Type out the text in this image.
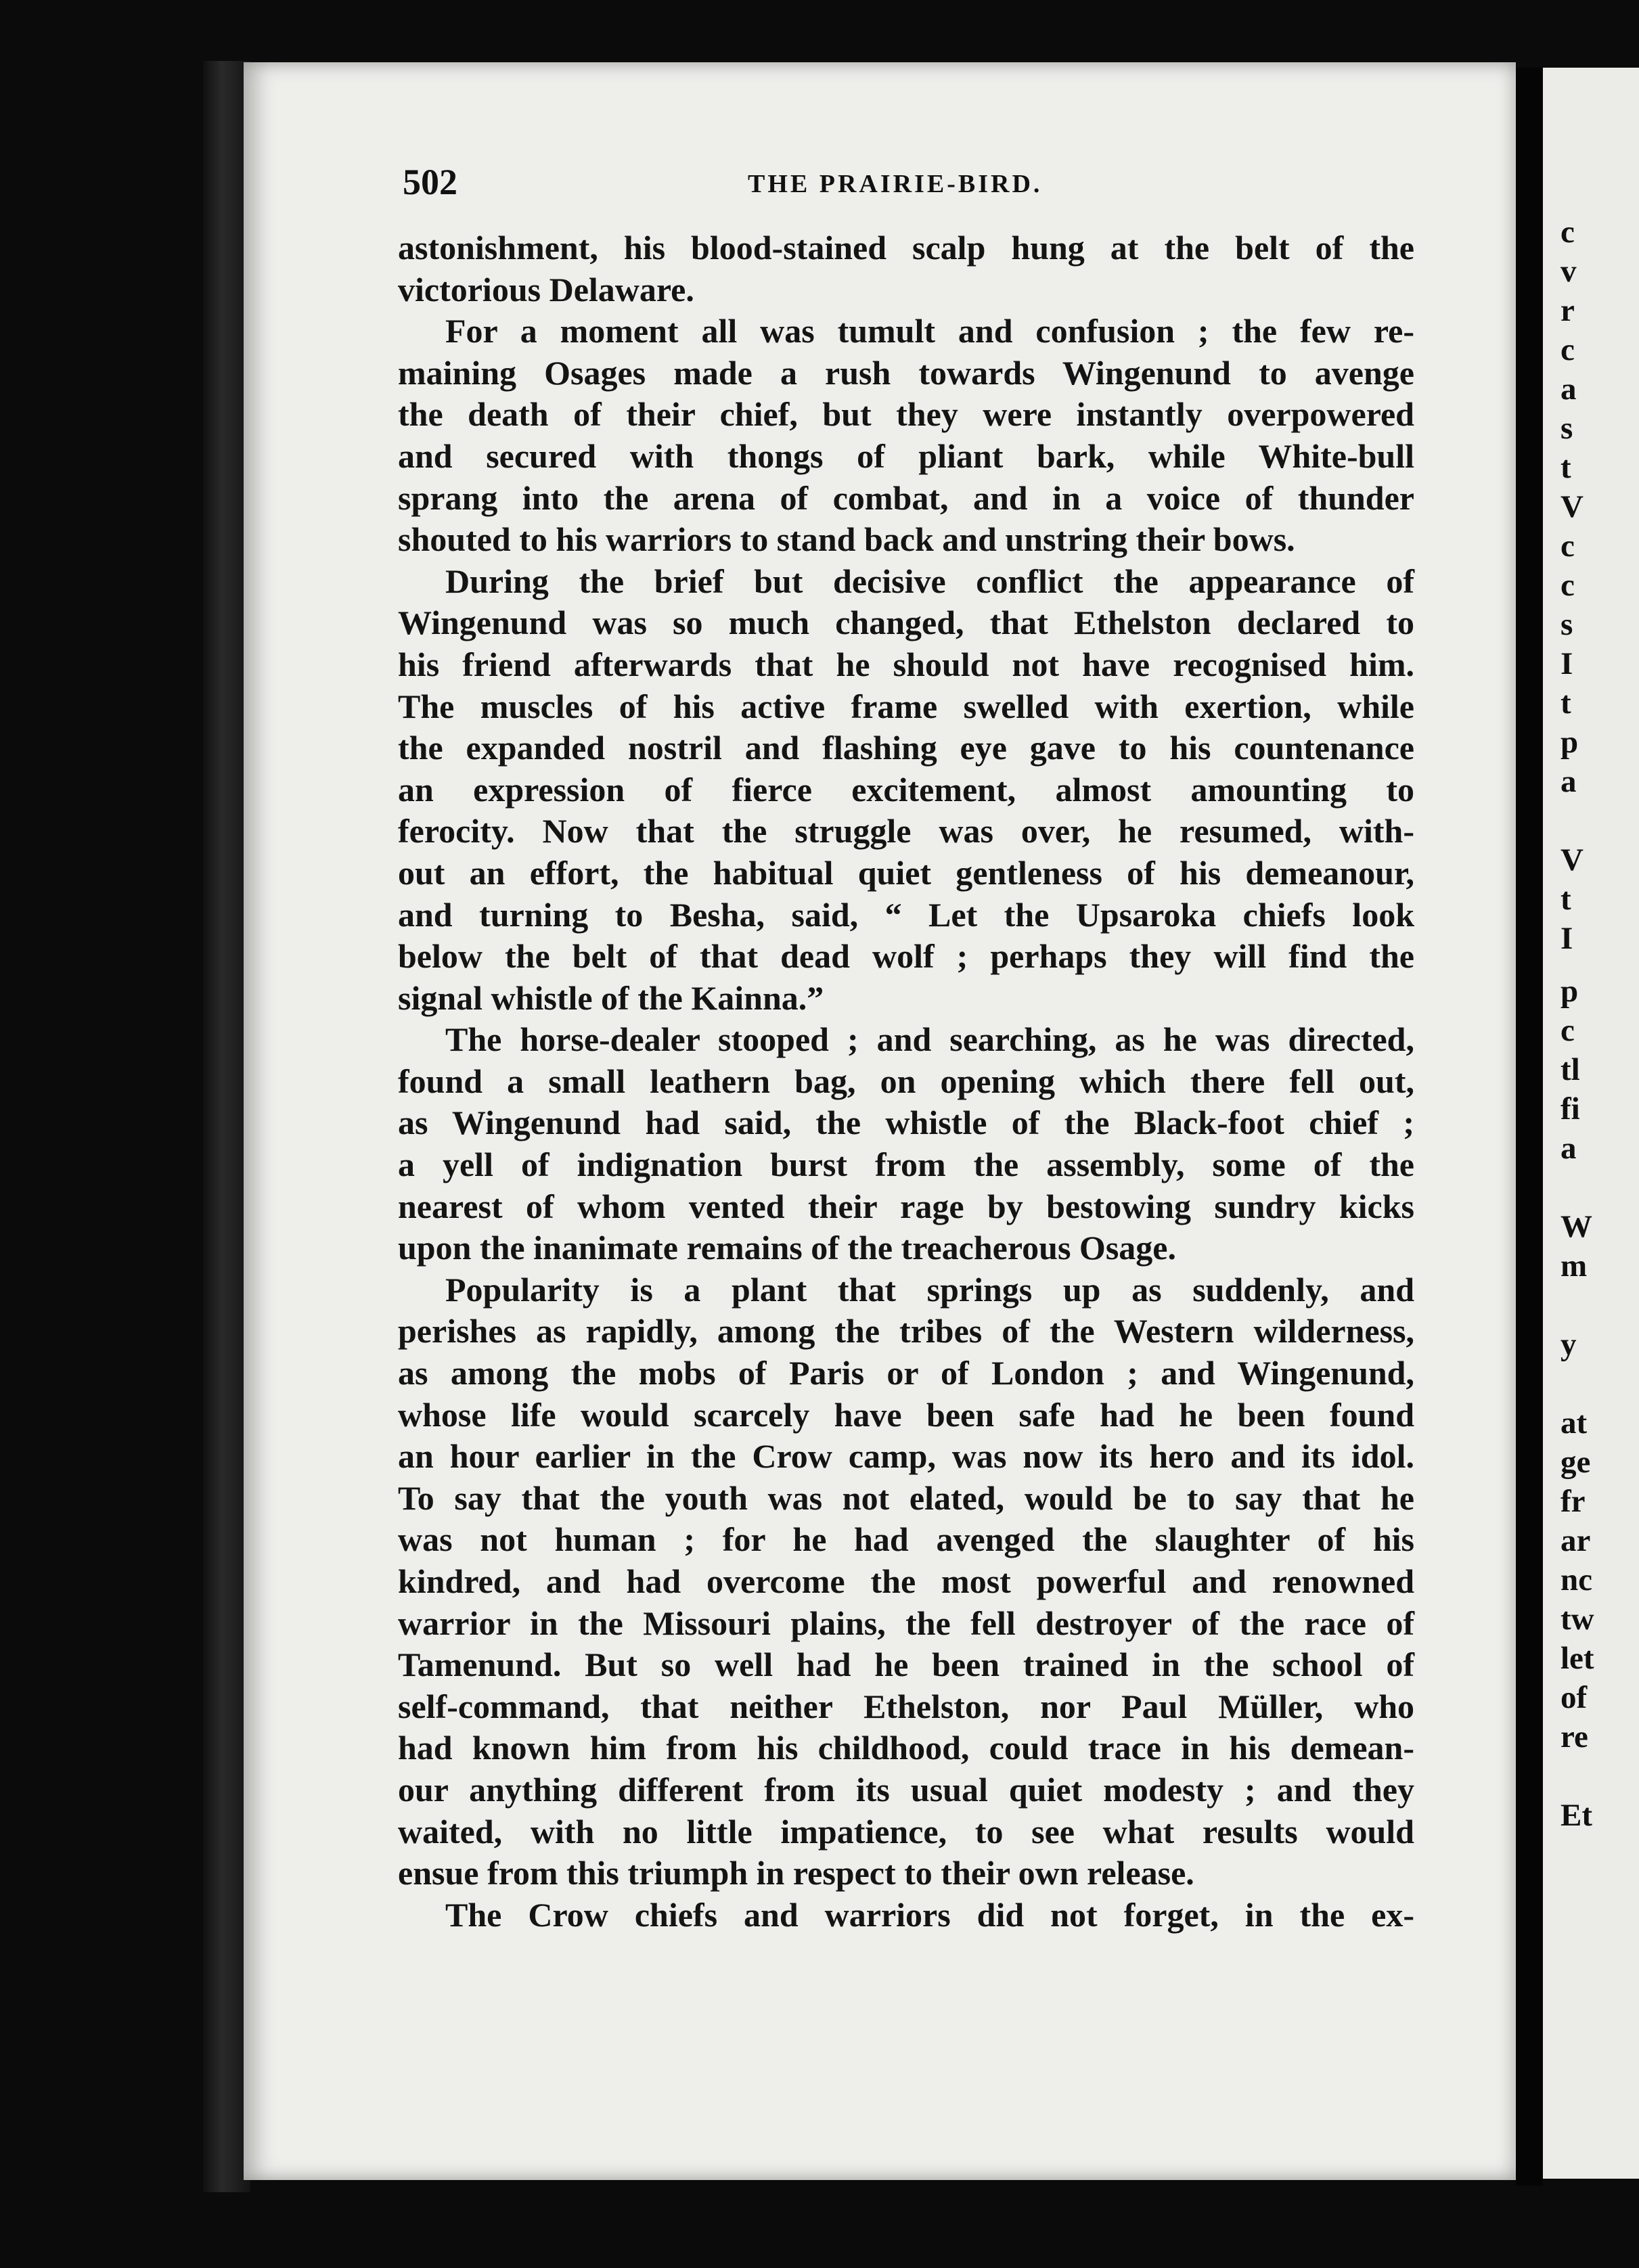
502	THE PRAIRIE-BIRD.
astonishment, his blood-stained scalp hung at the belt of the
victorious Delaware.
For a moment all was tumult and confusion ; the few re-
maining Osages made a rush towards Wingenund to avenge
the death of their chief, but they were instantly overpowered
and secured with thongs of pliant bark, while White-bull
sprang into the arena of combat, and in a voice of thunder
shouted to his warriors to stand back and unstring their bows.
During the brief but decisive conflict the appearance of
Wingenund was so much changed, that Ethelston declared to
his friend afterwards that he should not have recognised him.
The muscles of his active frame swelled with exertion, while
the expanded nostril and flashing eye gave to his countenance
an expression of fierce excitement, almost amounting to
ferocity. Now that the struggle was over, he resumed, with-
out an effort, the habitual quiet gentleness of his demeanour,
and turning to Besha, said, “ Let the Upsaroka chiefs look
below the belt of that dead wolf ; perhaps they will find the
signal whistle of the Kainna.”
The horse-dealer stooped ; and searching, as he was directed,
found a small leathern bag, on opening which there fell out,
as Wingenund had said, the whistle of the Black-foot chief ;
a yell of indignation burst from the assembly, some of the
nearest of whom vented their rage by bestowing sundry kicks
upon the inanimate remains of the treacherous Osage.
Popularity is a plant that springs up as suddenly, and
perishes as rapidly, among the tribes of the Western wilderness,
as among the mobs of Paris or of London ; and Wingenund,
whose life would scarcely have been safe had he been found
an hour earlier in the Crow camp, was now its hero and its idol.
To say that the youth was not elated, would be to say that he
was not human ; for he had avenged the slaughter of his
kindred, and had overcome the most powerful and renowned
warrior in the Missouri plains, the fell destroyer of the race of
Tamenund. But so well had he been trained in the school of
self-command, that neither Ethelston, nor Paul Müller, who
had known him from his childhood, could trace in his demean-
our anything different from its usual quiet modesty ; and they
waited, with no little impatience, to see what results would
ensue from this triumph in respect to their own release.
The Crow chiefs and warriors did not forget, in the ex-
c
v
r
c
a
s
t
V
c
c
s
I
t
p
a
V
t
I
p
c
tl
fi
a
W
m
y
at
ge
fr
ar
nc
tw
let
of
re
Et
